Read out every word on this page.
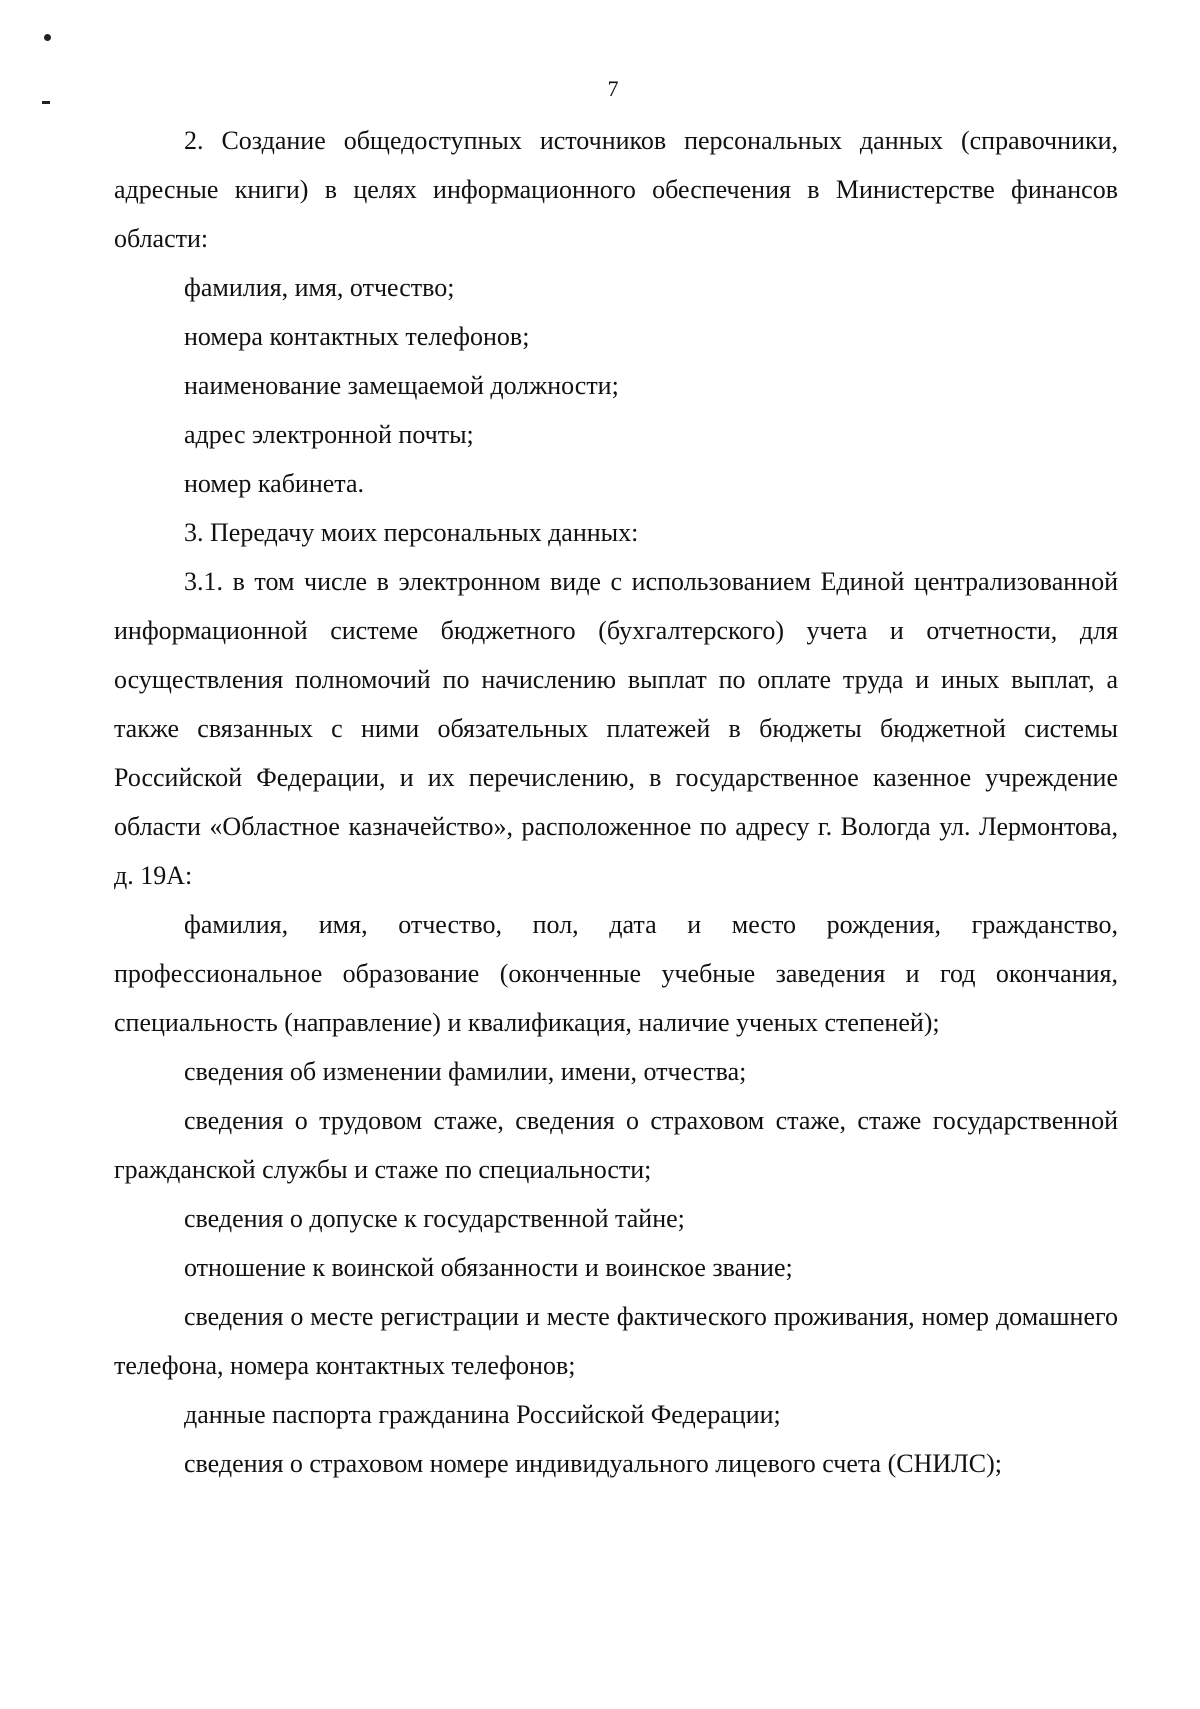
7

2. Создание общедоступных источников персональных данных (справочники, адресные книги) в целях информационного обеспечения в Министерстве финансов области:

фамилия, имя, отчество;

номера контактных телефонов;

наименование замещаемой должности;

адрес электронной почты;

номер кабинета.

3. Передачу моих персональных данных:

3.1. в том числе в электронном виде с использованием Единой централизованной информационной системе бюджетного (бухгалтерского) учета и отчетности, для осуществления полномочий по начислению выплат по оплате труда и иных выплат, а также связанных с ними обязательных платежей в бюджеты бюджетной системы Российской Федерации, и их перечислению, в государственное казенное учреждение области «Областное казначейство», расположенное по адресу г. Вологда ул. Лермонтова, д. 19А:

фамилия, имя, отчество, пол, дата и место рождения, гражданство, профессиональное образование (оконченные учебные заведения и год окончания, специальность (направление) и квалификация, наличие ученых степеней);

сведения об изменении фамилии, имени, отчества;

сведения о трудовом стаже, сведения о страховом стаже, стаже государственной гражданской службы и стаже по специальности;

сведения о допуске к государственной тайне;

отношение к воинской обязанности и воинское звание;

сведения о месте регистрации и месте фактического проживания, номер домашнего телефона, номера контактных телефонов;

данные паспорта гражданина Российской Федерации;

сведения о страховом номере индивидуального лицевого счета (СНИЛС);
